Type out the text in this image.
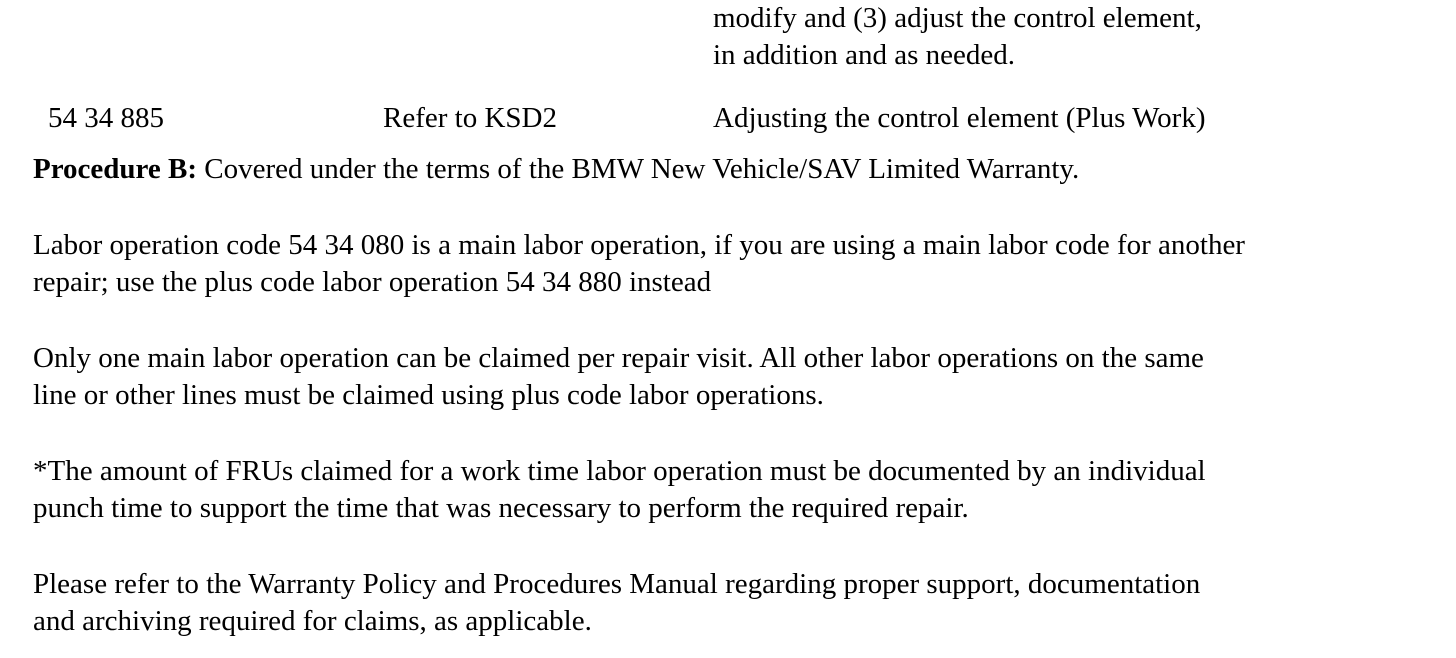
modify and (3) adjust the control element,
in addition and as needed.
54 34 885	Refer to KSD2	Adjusting the control element (Plus Work)
Procedure B: Covered under the terms of the BMW New Vehicle/SAV Limited Warranty.
Labor operation code 54 34 080 is a main labor operation, if you are using a main labor code for another
repair; use the plus code labor operation 54 34 880 instead
Only one main labor operation can be claimed per repair visit. All other labor operations on the same
line or other lines must be claimed using plus code labor operations.
*The amount of FRUs claimed for a work time labor operation must be documented by an individual
punch time to support the time that was necessary to perform the required repair.
Please refer to the Warranty Policy and Procedures Manual regarding proper support, documentation
and archiving required for claims, as applicable.
